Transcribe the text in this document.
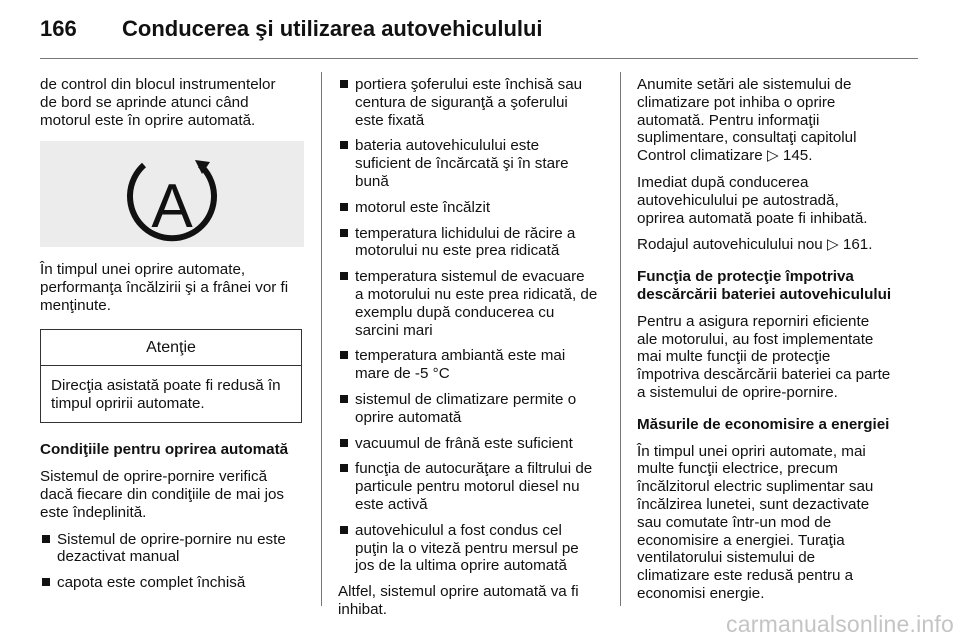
166 Conducerea şi utilizarea autovehiculului

de control din blocul instrumentelor
de bord se aprinde atunci când
motorul este în oprire automată.

A

În timpul unei oprire automate,
performanţa încălzirii şi a frânei vor fi
menţinute.

Atenţie
Direcţia asistată poate fi redusă în
timpul opririi automate.

Condiţiile pentru oprirea automată

Sistemul de oprire-pornire verifică
dacă fiecare din condiţiile de mai jos
este îndeplinită.

Sistemul de oprire-pornire nu este
dezactivat manual
capota este complet închisă
portiera şoferului este închisă sau
centura de siguranţă a şoferului
este fixată
bateria autovehiculului este
suficient de încărcată şi în stare
bună
motorul este încălzit
temperatura lichidului de răcire a
motorului nu este prea ridicată
temperatura sistemul de evacuare
a motorului nu este prea ridicată, de
exemplu după conducerea cu
sarcini mari
temperatura ambiantă este mai
mare de -5 °C
sistemul de climatizare permite o
oprire automată
vacuumul de frână este suficient
funcţia de autocurăţare a filtrului de
particule pentru motorul diesel nu
este activă
autovehiculul a fost condus cel
puţin la o viteză pentru mersul pe
jos de la ultima oprire automată

Altfel, sistemul oprire automată va fi
inhibat.

Anumite setări ale sistemului de
climatizare pot inhiba o oprire
automată. Pentru informaţii
suplimentare, consultaţi capitolul
Control climatizare ▷ 145.

Imediat după conducerea
autovehiculului pe autostradă,
oprirea automată poate fi inhibată.

Rodajul autovehiculului nou ▷ 161.

Funcţia de protecţie împotriva
descărcării bateriei autovehiculului

Pentru a asigura reporniri eficiente
ale motorului, au fost implementate
mai multe funcţii de protecţie
împotriva descărcării bateriei ca parte
a sistemului de oprire-pornire.

Măsurile de economisire a energiei

În timpul unei opriri automate, mai
multe funcţii electrice, precum
încălzitorul electric suplimentar sau
încălzirea lunetei, sunt dezactivate
sau comutate într-un mod de
economisire a energiei. Turaţia
ventilatorului sistemului de
climatizare este redusă pentru a
economisi energie.

carmanualsonline.info
